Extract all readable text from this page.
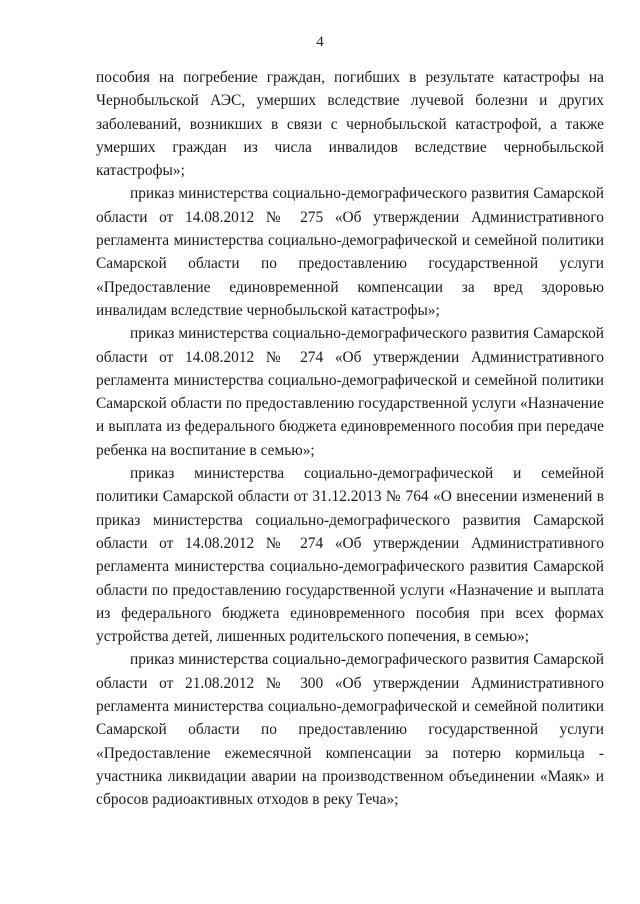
4

пособия на погребение граждан, погибших в результате катастрофы на Чернобыльской АЭС, умерших вследствие лучевой болезни и других заболеваний, возникших в связи с чернобыльской катастрофой, а также умерших граждан из числа инвалидов вследствие чернобыльской катастрофы»;

приказ министерства социально-демографического развития Самарской области от 14.08.2012 № 275 «Об утверждении Административного регламента министерства социально-демографической и семейной политики Самарской области по предоставлению государственной услуги «Предоставление единовременной компенсации за вред здоровью инвалидам вследствие чернобыльской катастрофы»;

приказ министерства социально-демографического развития Самарской области от 14.08.2012 № 274 «Об утверждении Административного регламента министерства социально-демографической и семейной политики Самарской области по предоставлению государственной услуги «Назначение и выплата из федерального бюджета единовременного пособия при передаче ребенка на воспитание в семью»;

приказ министерства социально-демографической и семейной политики Самарской области от 31.12.2013 № 764 «О внесении изменений в приказ министерства социально-демографического развития Самарской области от 14.08.2012 № 274 «Об утверждении Административного регламента министерства социально-демографического развития Самарской области по предоставлению государственной услуги «Назначение и выплата из федерального бюджета единовременного пособия при всех формах устройства детей, лишенных родительского попечения, в семью»;

приказ министерства социально-демографического развития Самарской области от 21.08.2012 № 300 «Об утверждении Административного регламента министерства социально-демографической и семейной политики Самарской области по предоставлению государственной услуги «Предоставление ежемесячной компенсации за потерю кормильца - участника ликвидации аварии на производственном объединении «Маяк» и сбросов радиоактивных отходов в реку Теча»;
